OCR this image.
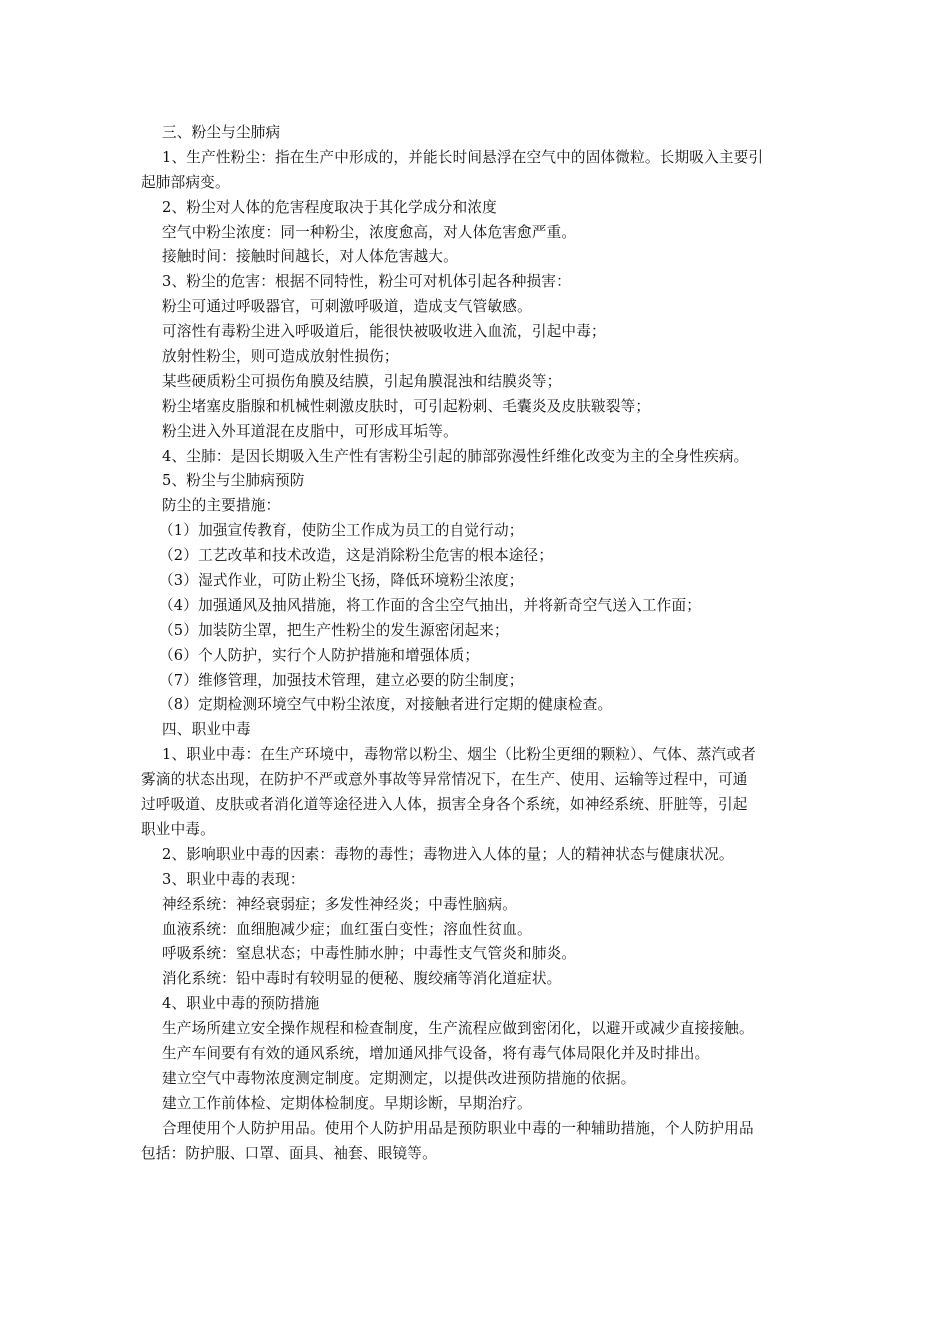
三、粉尘与尘肺病
1、生产性粉尘：指在生产中形成的，并能长时间悬浮在空气中的固体微粒。长期吸入主要引
起肺部病变。
2、粉尘对人体的危害程度取决于其化学成分和浓度
空气中粉尘浓度：同一种粉尘，浓度愈高，对人体危害愈严重。
接触时间：接触时间越长，对人体危害越大。
3、粉尘的危害：根据不同特性，粉尘可对机体引起各种损害：
粉尘可通过呼吸器官，可刺激呼吸道，造成支气管敏感。
可溶性有毒粉尘进入呼吸道后，能很快被吸收进入血流，引起中毒；
放射性粉尘，则可造成放射性损伤；
某些硬质粉尘可损伤角膜及结膜，引起角膜混浊和结膜炎等；
粉尘堵塞皮脂腺和机械性刺激皮肤时，可引起粉刺、毛囊炎及皮肤皲裂等；
粉尘进入外耳道混在皮脂中，可形成耳垢等。
4、尘肺：是因长期吸入生产性有害粉尘引起的肺部弥漫性纤维化改变为主的全身性疾病。
5、粉尘与尘肺病预防
防尘的主要措施：
（1）加强宣传教育，使防尘工作成为员工的自觉行动；
（2）工艺改革和技术改造，这是消除粉尘危害的根本途径；
（3）湿式作业，可防止粉尘飞扬，降低环境粉尘浓度；
（4）加强通风及抽风措施，将工作面的含尘空气抽出，并将新奇空气送入工作面；
（5）加装防尘罩，把生产性粉尘的发生源密闭起来；
（6）个人防护，实行个人防护措施和增强体质；
（7）维修管理，加强技术管理，建立必要的防尘制度；
（8）定期检测环境空气中粉尘浓度，对接触者进行定期的健康检查。
四、职业中毒
1、职业中毒：在生产环境中，毒物常以粉尘、烟尘（比粉尘更细的颗粒）、气体、蒸汽或者
雾滴的状态出现，在防护不严或意外事故等异常情况下，在生产、使用、运输等过程中，可通
过呼吸道、皮肤或者消化道等途径进入人体，损害全身各个系统，如神经系统、肝脏等，引起
职业中毒。
2、影响职业中毒的因素：毒物的毒性；毒物进入人体的量；人的精神状态与健康状况。
3、职业中毒的表现：
神经系统：神经衰弱症；多发性神经炎；中毒性脑病。
血液系统：血细胞减少症；血红蛋白变性；溶血性贫血。
呼吸系统：窒息状态；中毒性肺水肿；中毒性支气管炎和肺炎。
消化系统：铅中毒时有较明显的便秘、腹绞痛等消化道症状。
4、职业中毒的预防措施
生产场所建立安全操作规程和检查制度，生产流程应做到密闭化，以避开或减少直接接触。
生产车间要有有效的通风系统，增加通风排气设备，将有毒气体局限化并及时排出。
建立空气中毒物浓度测定制度。定期测定，以提供改进预防措施的依据。
建立工作前体检、定期体检制度。早期诊断，早期治疗。
合理使用个人防护用品。使用个人防护用品是预防职业中毒的一种辅助措施，个人防护用品
包括：防护服、口罩、面具、袖套、眼镜等。
